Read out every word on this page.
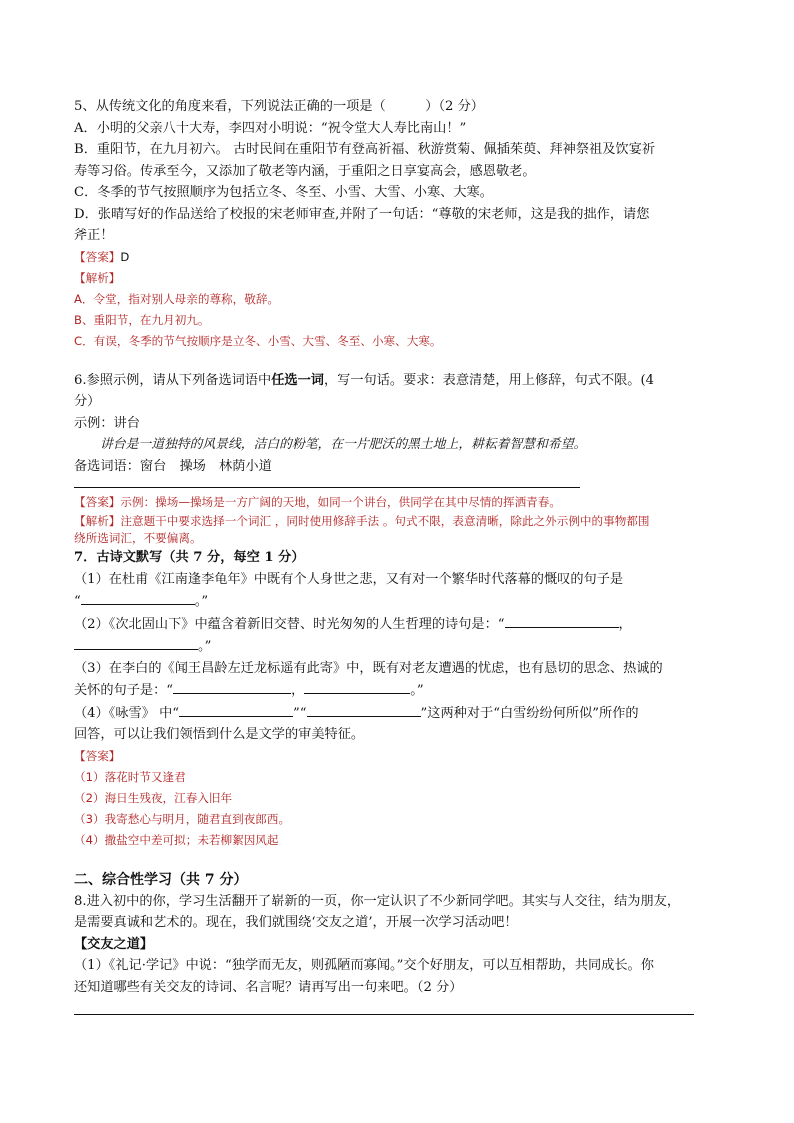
5、从传统文化的角度来看，下列说法正确的一项是（　　　）（2 分）

A．小明的父亲八十大寿，李四对小明说：“祝令堂大人寿比南山！”

B．重阳节，在九月初六。 古时民间在重阳节有登高祈福、秋游赏菊、佩插茱萸、拜神祭祖及饮宴祈

寿等习俗。传承至今，又添加了敬老等内涵，于重阳之日享宴高会，感恩敬老。

C．冬季的节气按照顺序为包括立冬、冬至、小雪、大雪、小寒、大寒。

D．张晴写好的作品送给了校报的宋老师审查,并附了一句话：“尊敬的宋老师，这是我的拙作，请您

斧正！

【答案】D

【解析】

A．令堂，指对别人母亲的尊称，敬辞。

B、重阳节，在九月初九。

C．有误，冬季的节气按顺序是立冬、小雪、大雪、冬至、小寒、大寒。

6.参照示例，请从下列备选词语中任选一词，写一句话。要求：表意清楚，用上修辞，句式不限。(4

分）

示例：讲台

讲台是一道独特的风景线，洁白的粉笔，在一片肥沃的黑土地上，耕耘着智慧和希望。

备选词语：窗台　操场　林荫小道

【答案】示例：操场—操场是一方广阔的天地，如同一个讲台，供同学在其中尽情的挥洒青春。

【解析】注意题干中要求选择一个词汇 ，同时使用修辞手法 。句式不限，表意清晰，除此之外示例中的事物都围

绕所选词汇，不要偏离。

7．古诗文默写（共 7 分，每空 1 分）

（1）在杜甫《江南逢李龟年》中既有个人身世之悲，又有对一个繁华时代落幕的慨叹的句子是

“	。”

（2）《次北固山下》中蕴含着新旧交替、时光匆匆的人生哲理的诗句是：“	，

。”

（3）在李白的《闻王昌龄左迁龙标遥有此寄》中，既有对老友遭遇的忧虑，也有恳切的思念、热诚的

关怀的句子是：“	，	。”

（4）《咏雪》 中“	”“	”这两种对于“白雪纷纷何所似”所作的

回答，可以让我们领悟到什么是文学的审美特征。

【答案】

（1）落花时节又逢君

（2）海日生残夜，江春入旧年

（3）我寄愁心与明月，随君直到夜郎西。

（4）撒盐空中差可拟；未若柳絮因风起

二、综合性学习（共 7 分）

8.进入初中的你，学习生活翻开了崭新的一页，你一定认识了不少新同学吧。其实与人交往，结为朋友，

是需要真诚和艺术的。现在，我们就围绕‘交友之道’，开展一次学习活动吧！

【交友之道】

（1）《礼记·学记》中说：“独学而无友，则孤陋而寡闻。”交个好朋友，可以互相帮助，共同成长。你

还知道哪些有关交友的诗词、名言呢？请再写出一句来吧。（2 分）
